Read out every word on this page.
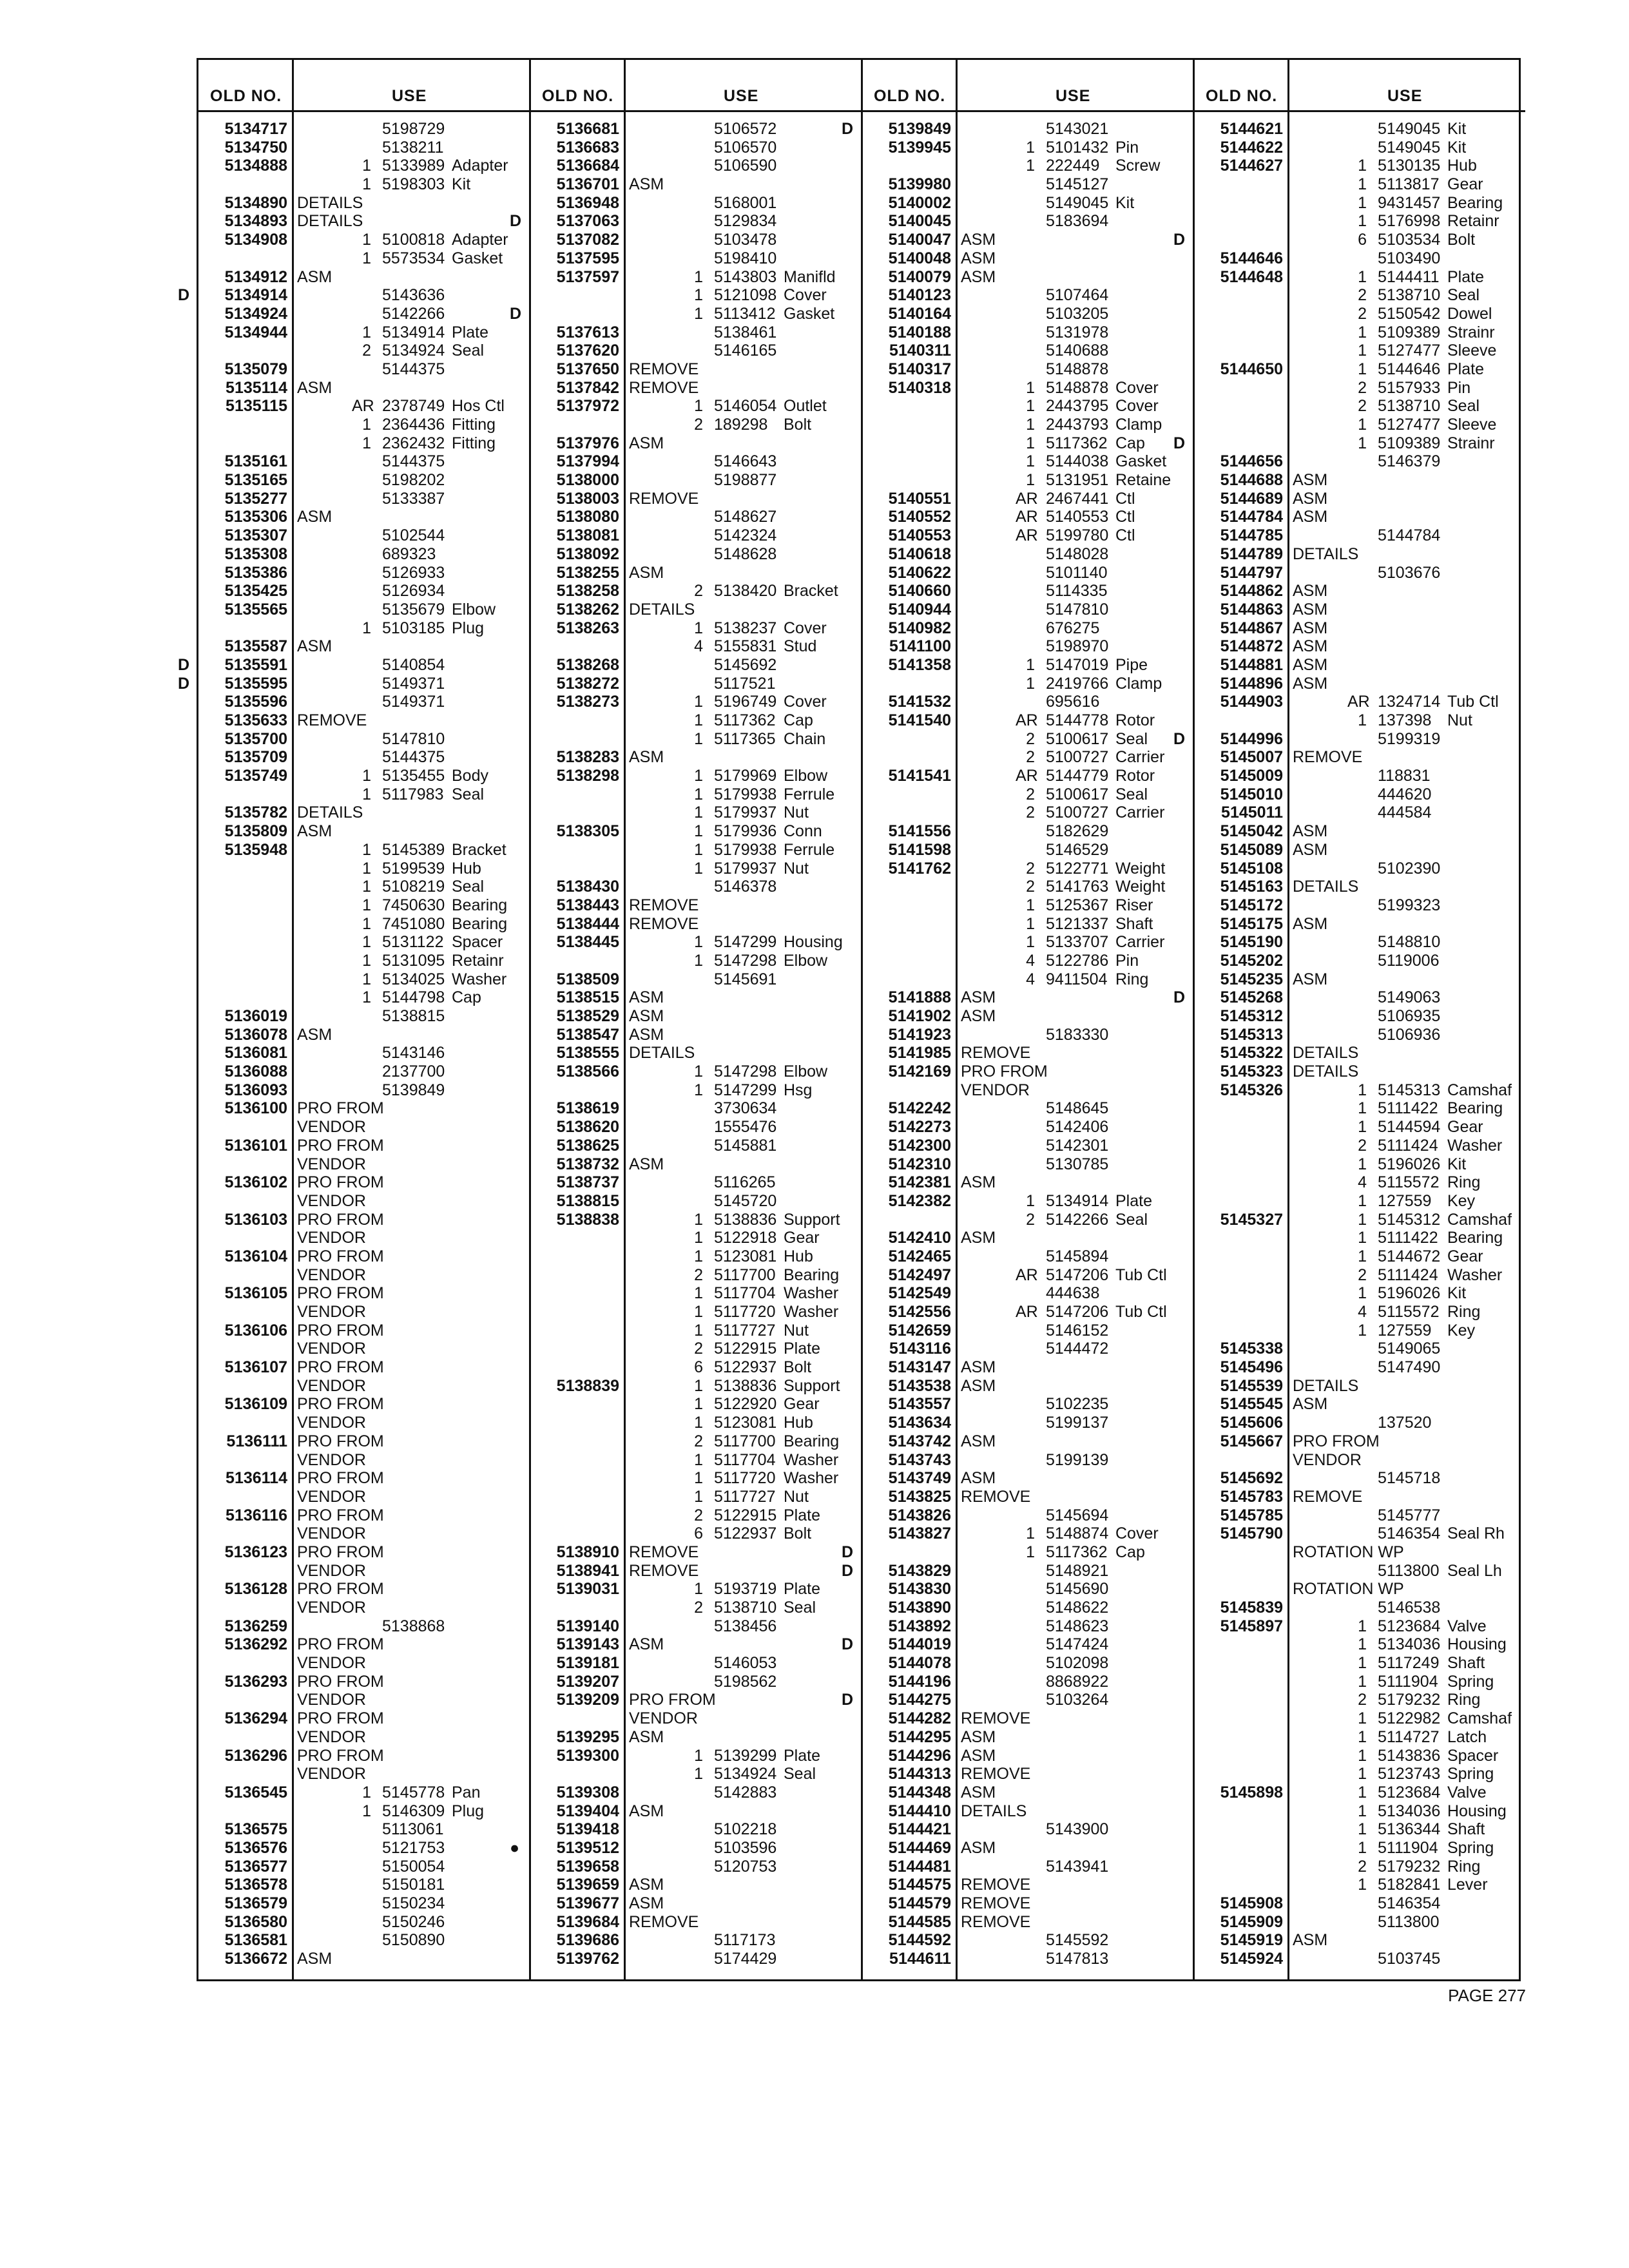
OLD NO.	USE
5134717	5198729
5134750	5138211
5134888	1 5133989 Adapter
1 5198303 Kit
5134890 DETAILS
5134893 DETAILS
5134908	1 5100818 Adapter
1 5573534 Gasket
5134912 ASM
D	5134914	5143636
5134924	5142266
5134944	1 5134914 Plate
2 5134924 Seal
5135079	5144375
5135114 ASM
5135115	AR 2378749 Hos Ctl
1 2364436 Fitting
1 2362432 Fitting
5135161	5144375
5135165	5198202
5135277	5133387
5135306 ASM
5135307	5102544
5135308	689323
5135386	5126933
5135425	5126934
5135565	5135679 Elbow
1 5103185 Plug
5135587 ASM
D	5135591	5140854
D	5135595	5149371
5135596	5149371
5135633 REMOVE
5135700	5147810
5135709	5144375
5135749	1 5135455 Body
1 5117983 Seal
5135782 DETAILS
5135809 ASM
5135948	1 5145389 Bracket
1 5199539 Hub
1 5108219 Seal
1 7450630 Bearing
1 7451080 Bearing
1 5131122 Spacer
1 5131095 Retainr
1 5134025 Washer
1 5144798 Cap
5136019	5138815
5136078 ASM
5136081	5143146
5136088	2137700
5136093	5139849
5136100 PRO FROM
VENDOR
5136101 PRO FROM
VENDOR
5136102 PRO FROM
VENDOR
5136103 PRO FROM
VENDOR
5136104 PRO FROM
VENDOR
5136105 PRO FROM
VENDOR
5136106 PRO FROM
VENDOR
5136107 PRO FROM
VENDOR
5136109 PRO FROM
VENDOR
5136111 PRO FROM
VENDOR
5136114 PRO FROM
VENDOR
5136116 PRO FROM
VENDOR
5136123 PRO FROM
VENDOR
5136128 PRO FROM
VENDOR
5136259	5138868
5136292 PRO FROM
VENDOR
5136293 PRO FROM
VENDOR
5136294 PRO FROM
VENDOR
5136296 PRO FROM
VENDOR
5136545	1 5145778 Pan
1 5146309 Plug
5136575	5113061
5136576	5121753
5136577	5150054
5136578	5150181
5136579	5150234
5136580	5150246
5136581	5150890
5136672 ASM
OLD NO.	USE
5136681	5106572
5136683	5106570
5136684	5106590
5136701 ASM
5136948	5168001
D	5137063	5129834
5137082	5103478
5137595	5198410
5137597	1 5143803 Manifld
1 5121098 Cover
D	1 5113412 Gasket
5137613	5138461
5137620	5146165
5137650 REMOVE
5137842 REMOVE
5137972	1 5146054 Outlet
2 189298 Bolt
5137976 ASM
5137994	5146643
5138000	5198877
5138003 REMOVE
5138080	5148627
5138081	5142324
5138092	5148628
5138255 ASM
5138258	2 5138420 Bracket
5138262 DETAILS
5138263	1 5138237 Cover
4 5155831 Stud
5138268	5145692
5138272	5117521
5138273	1 5196749 Cover
1 5117362 Cap
1 5117365 Chain
5138283 ASM
5138298	1 5179969 Elbow
1 5179938 Ferrule
1 5179937 Nut
5138305	1 5179936 Conn
1 5179938 Ferrule
1 5179937 Nut
5138430	5146378
5138443 REMOVE
5138444 REMOVE
5138445	1 5147299 Housing
1 5147298 Elbow
5138509	5145691
5138515 ASM
5138529 ASM
5138547 ASM
5138555 DETAILS
5138566	1 5147298 Elbow
1 5147299 Hsg
5138619	3730634
5138620	1555476
5138625	5145881
5138732 ASM
5138737	5116265
5138815	5145720
5138838	1 5138836 Support
1 5122918 Gear
1 5123081 Hub
2 5117700 Bearing
1 5117704 Washer
1 5117720 Washer
1 5117727 Nut
2 5122915 Plate
6 5122937 Bolt
5138839	1 5138836 Support
1 5122920 Gear
1 5123081 Hub
2 5117700 Bearing
1 5117704 Washer
1 5117720 Washer
1 5117727 Nut
2 5122915 Plate
6 5122937 Bolt
5138910 REMOVE
5138941 REMOVE
5139031	1 5193719 Plate
2 5138710 Seal
5139140	5138456
5139143 ASM
5139181	5146053
5139207	5198562
5139209 PRO FROM
VENDOR
5139295 ASM
5139300	1 5139299 Plate
1 5134924 Seal
5139308	5142883
5139404 ASM
5139418	5102218
●	5139512	5103596
5139658	5120753
5139659 ASM
5139677 ASM
5139684 REMOVE
5139686	5117173
5139762	5174429
OLD NO.	USE
D	5139849	5143021
5139945	1 5101432 Pin
1 222449 Screw
5139980	5145127
5140002	5149045 Kit
5140045	5183694
5140047 ASM
5140048 ASM
5140079 ASM
5140123	5107464
5140164	5103205
5140188	5131978
5140311	5140688
5140317	5148878
5140318	1 5148878 Cover
1 2443795 Cover
1 2443793 Clamp
1 5117362 Cap
1 5144038 Gasket
1 5131951 Retaine
5140551	AR 2467441 Ctl
5140552	AR 5140553 Ctl
5140553	AR 5199780 Ctl
5140618	5148028
5140622	5101140
5140660	5114335
5140944	5147810
5140982	676275
5141100	5198970
5141358	1 5147019 Pipe
1 2419766 Clamp
5141532	695616
5141540	AR 5144778 Rotor
2 5100617 Seal
2 5100727 Carrier
5141541	AR 5144779 Rotor
2 5100617 Seal
2 5100727 Carrier
5141556	5182629
5141598	5146529
5141762	2 5122771 Weight
2 5141763 Weight
1 5125367 Riser
1 5121337 Shaft
1 5133707 Carrier
4 5122786 Pin
4 9411504 Ring
5141888 ASM
5141902 ASM
5141923	5183330
5141985 REMOVE
5142169 PRO FROM
VENDOR
5142242	5148645
5142273	5142406
5142300	5142301
5142310	5130785
5142381 ASM
5142382	1 5134914 Plate
2 5142266 Seal
5142410 ASM
5142465	5145894
5142497	AR 5147206 Tub Ctl
5142549	444638
5142556	AR 5147206 Tub Ctl
5142659	5146152
5143116	5144472
5143147 ASM
5143538 ASM
5143557	5102235
5143634	5199137
5143742 ASM
5143743	5199139
5143749 ASM
5143825 REMOVE
5143826	5145694
5143827	1 5148874 Cover
D	1 5117362 Cap
D	5143829	5148921
5143830	5145690
5143890	5148622
5143892	5148623
D	5144019	5147424
5144078	5102098
5144196	8868922
D	5144275	5103264
5144282 REMOVE
5144295 ASM
5144296 ASM
5144313 REMOVE
5144348 ASM
5144410 DETAILS
5144421	5143900
5144469 ASM
5144481	5143941
5144575 REMOVE
5144579 REMOVE
5144585 REMOVE
5144592	5145592
5144611	5147813
OLD NO.	USE
5144621	5149045 Kit
5144622	5149045 Kit
5144627	1 5130135 Hub
1 5113817 Gear
1 9431457 Bearing
1 5176998 Retainr
D	6 5103534 Bolt
5144646	5103490
5144648	1 5144411 Plate
2 5138710 Seal
2 5150542 Dowel
1 5109389 Strainr
1 5127477 Sleeve
5144650	1 5144646 Plate
2 5157933 Pin
2 5138710 Seal
1 5127477 Sleeve
D	1 5109389 Strainr
5144656	5146379
5144688 ASM
5144689 ASM
5144784 ASM
5144785	5144784
5144789 DETAILS
5144797	5103676
5144862 ASM
5144863 ASM
5144867 ASM
5144872 ASM
5144881 ASM
5144896 ASM
5144903	AR 1324714 Tub Ctl
1 137398 Nut
D	5144996	5199319
5145007 REMOVE
5145009	118831
5145010	444620
5145011	444584
5145042 ASM
5145089 ASM
5145108	5102390
5145163 DETAILS
5145172	5199323
5145175 ASM
5145190	5148810
5145202	5119006
5145235 ASM
D	5145268	5149063
5145312	5106935
5145313	5106936
5145322 DETAILS
5145323 DETAILS
5145326	1 5145313 Camshaf
1 5111422 Bearing
1 5144594 Gear
2 5111424 Washer
1 5196026 Kit
4 5115572 Ring
1 127559 Key
5145327	1 5145312 Camshaf
1 5111422 Bearing
1 5144672 Gear
2 5111424 Washer
1 5196026 Kit
4 5115572 Ring
1 127559 Key
5145338	5149065
5145496	5147490
5145539 DETAILS
5145545 ASM
5145606	137520
5145667 PRO FROM
VENDOR
5145692	5145718
5145783 REMOVE
5145785	5145777
5145790	5146354 Seal Rh
ROTATION WP
5113800 Seal Lh
ROTATION WP
5145839	5146538
5145897	1 5123684 Valve
1 5134036 Housing
1 5117249 Shaft
1 5111904 Spring
2 5179232 Ring
1 5122982 Camshaf
1 5114727 Latch
1 5143836 Spacer
1 5123743 Spring
5145898	1 5123684 Valve
1 5134036 Housing
1 5136344 Shaft
1 5111904 Spring
2 5179232 Ring
1 5182841 Lever
5145908	5146354
5145909	5113800
5145919 ASM
5145924	5103745
PAGE 277
